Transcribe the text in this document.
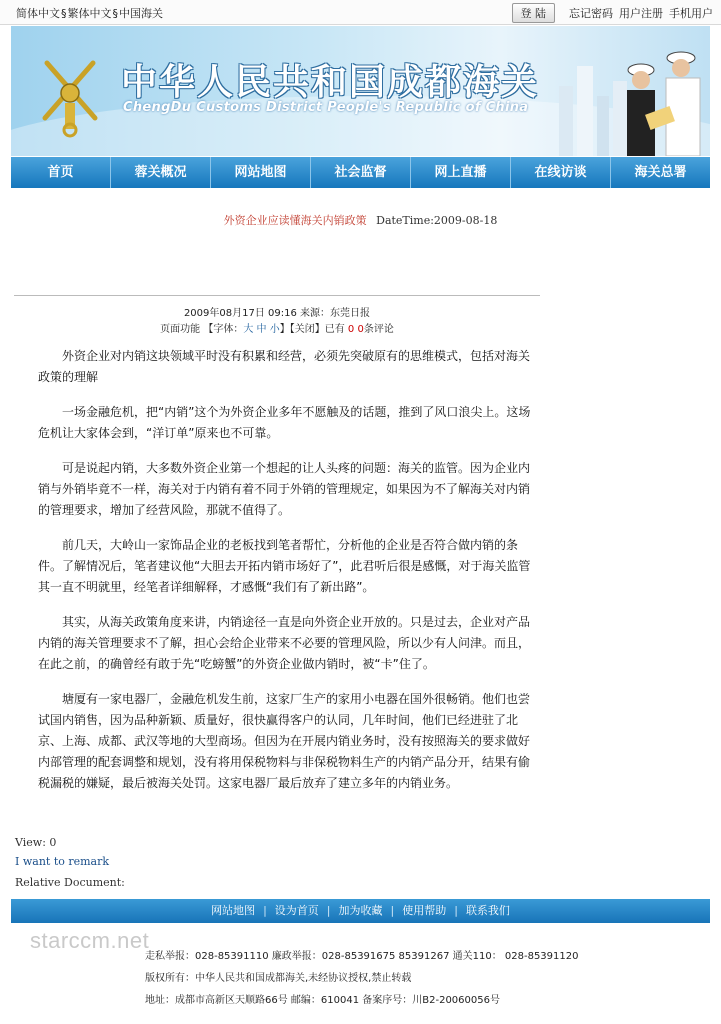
简体中文§繁体中文§中国海关	登 陆	忘记密码 用户注册 手机用户
中华人民共和国成都海关
ChengDu Customs District People's Republic of China
首页	蓉关概况	网站地图	社会监督	网上直播	在线访谈	海关总署
外资企业应读懂海关内销政策 DateTime:2009-08-18
2009年08月17日 09:16 来源：东莞日报
页面功能 【字体：大 中 小】【关闭】已有 0 0条评论

外资企业对内销这块领域平时没有积累和经营，必须先突破原有的思维模式，包括对海关政策的理解

一场金融危机，把“内销”这个为外资企业多年不愿触及的话题，推到了风口浪尖上。这场危机让大家体会到，“洋订单”原来也不可靠。

可是说起内销，大多数外资企业第一个想起的让人头疼的问题：海关的监管。因为企业内销与外销毕竟不一样，海关对于内销有着不同于外销的管理规定，如果因为不了解海关对内销的管理要求，增加了经营风险，那就不值得了。

前几天，大岭山一家饰品企业的老板找到笔者帮忙，分析他的企业是否符合做内销的条件。了解情况后，笔者建议他“大胆去开拓内销市场好了”，此君听后很是感慨，对于海关监管其一直不明就里，经笔者详细解释，才感慨“我们有了新出路”。

其实，从海关政策角度来讲，内销途径一直是向外资企业开放的。只是过去，企业对产品内销的海关管理要求不了解，担心会给企业带来不必要的管理风险，所以少有人问津。而且，在此之前，的确曾经有敢于先“吃螃蟹”的外资企业做内销时，被“卡”住了。

塘厦有一家电器厂，金融危机发生前，这家厂生产的家用小电器在国外很畅销。他们也尝试国内销售，因为品种新颖、质量好，很快赢得客户的认同，几年时间，他们已经进驻了北京、上海、成都、武汉等地的大型商场。但因为在开展内销业务时，没有按照海关的要求做好内部管理的配套调整和规划，没有将用保税物料与非保税物料生产的内销产品分开，结果有偷税漏税的嫌疑，最后被海关处罚。这家电器厂最后放弃了建立多年的内销业务。

View: 0
I want to remark
Relative Document:
网站地图 | 设为首页 | 加为收藏 | 使用帮助 | 联系我们
starccm.net
走私举报：028-85391110 廉政举报：028-85391675 85391267 通关110： 028-85391120
版权所有：中华人民共和国成都海关,未经协议授权,禁止转载
地址：成都市高新区天顺路66号 邮编：610041 备案序号：川B2-20060056号
